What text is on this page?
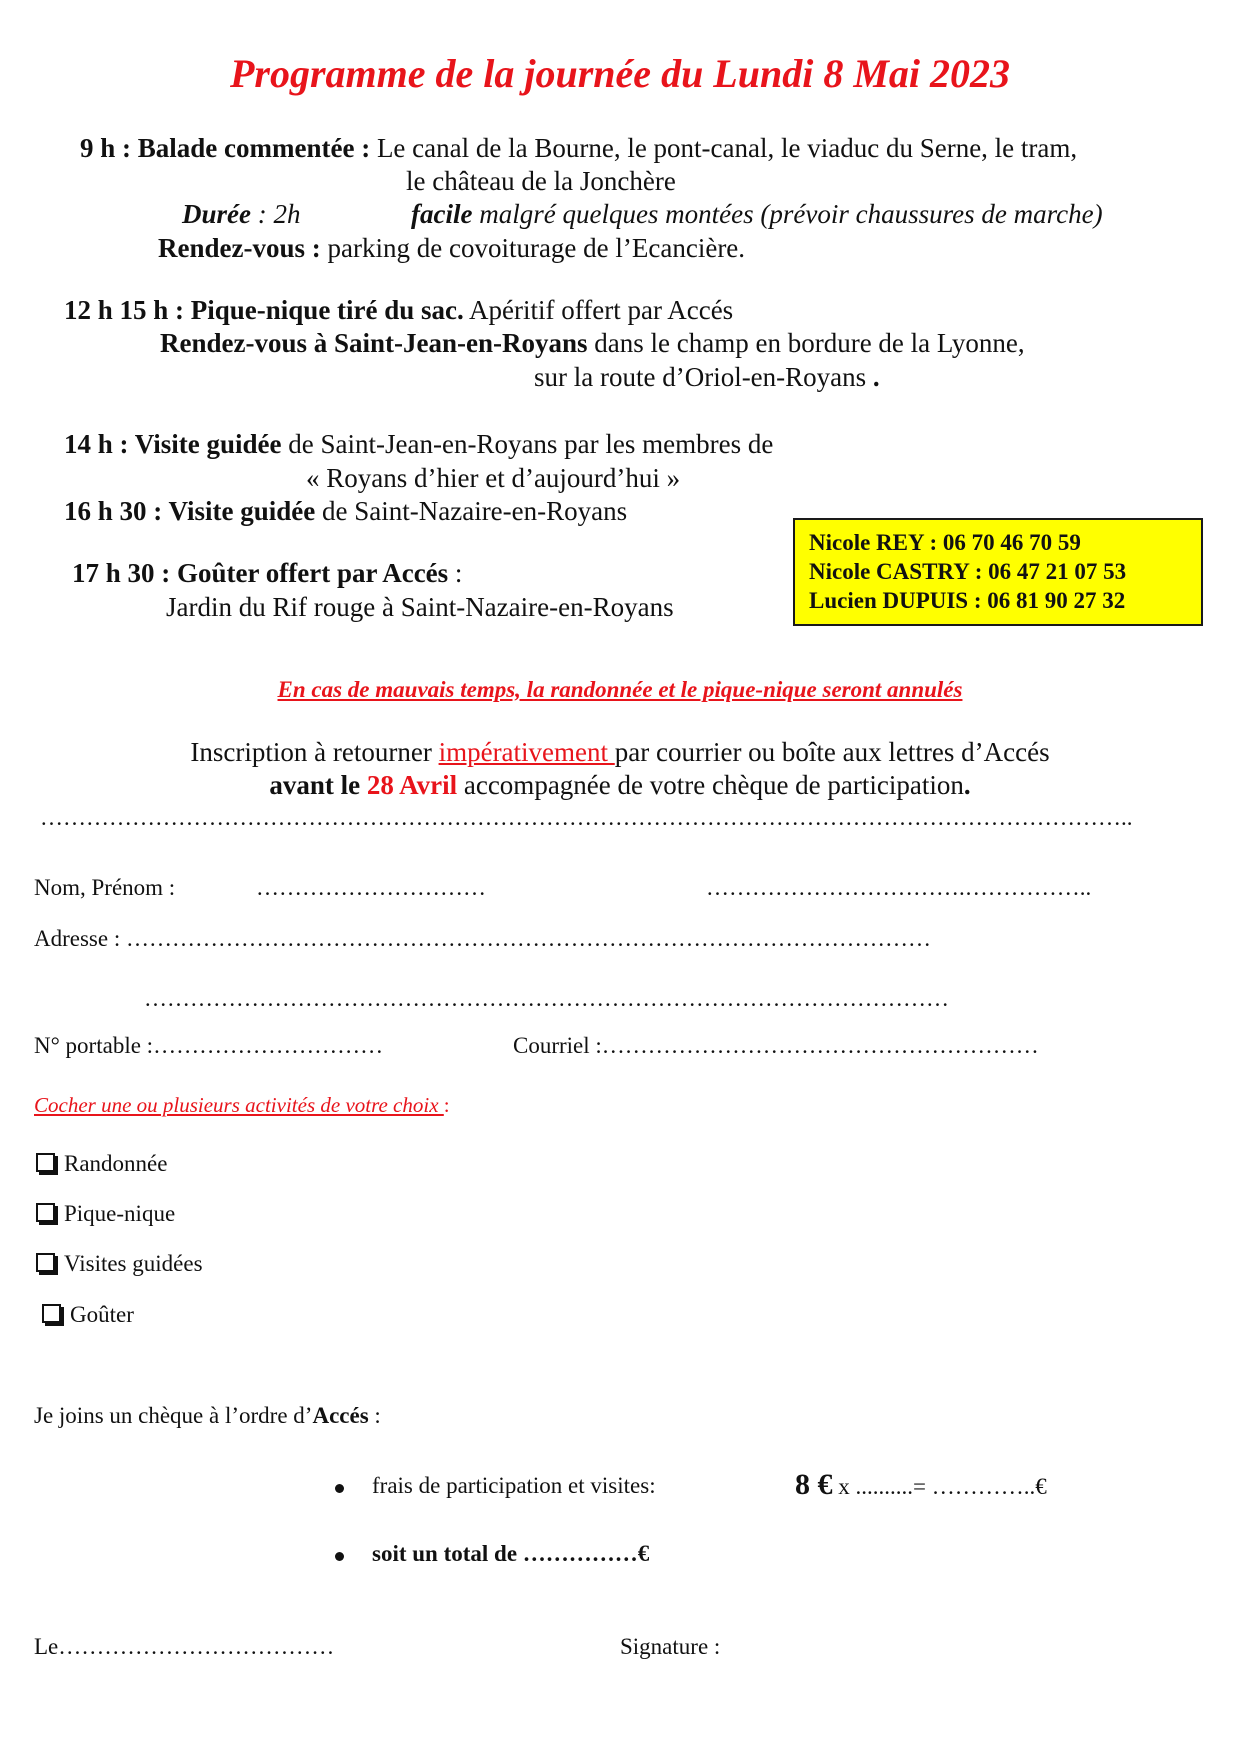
Programme de la journée du Lundi 8 Mai 2023
9 h : Balade commentée : Le canal de la Bourne, le pont-canal, le viaduc du Serne, le tram,
le château de la Jonchère
Durée : 2h	facile malgré quelques montées (prévoir chaussures de marche)
Rendez-vous : parking de covoiturage de l’Ecancière.
12 h 15 h : Pique-nique tiré du sac. Apéritif offert par Accés
Rendez-vous à Saint-Jean-en-Royans dans le champ en bordure de la Lyonne,
sur la route d’Oriol-en-Royans .
14 h : Visite guidée de Saint-Jean-en-Royans par les membres de
« Royans d’hier et d’aujourd’hui »
16 h 30 : Visite guidée de Saint-Nazaire-en-Royans
17 h 30 : Goûter offert par Accés :
Jardin du Rif rouge à Saint-Nazaire-en-Royans
Nicole REY : 06 70 46 70 59
Nicole CASTRY : 06 47 21 07 53
Lucien DUPUIS : 06 81 90 27 32
En cas de mauvais temps, la randonnée et le pique-nique seront annulés
Inscription à retourner impérativement par courrier ou boîte aux lettres d’Accés
avant le 28 Avril accompagnée de votre chèque de participation.
……………………………………………………………………………………………………………………………..
Nom, Prénom :	…………………………	…………………………….……………..
Adresse : ……………………………………………………………………………………………
……………………………………………………………………………………………
N° portable :…………………………	Courriel :…………………………………………………
Cocher une ou plusieurs activités de votre choix :
Randonnée
Pique-nique
Visites guidées
Goûter
Je joins un chèque à l’ordre d’Accés :
frais de participation et visites:	8 € x ..........= …………..€
soit un total de ……………€
Le………………………………	Signature :
